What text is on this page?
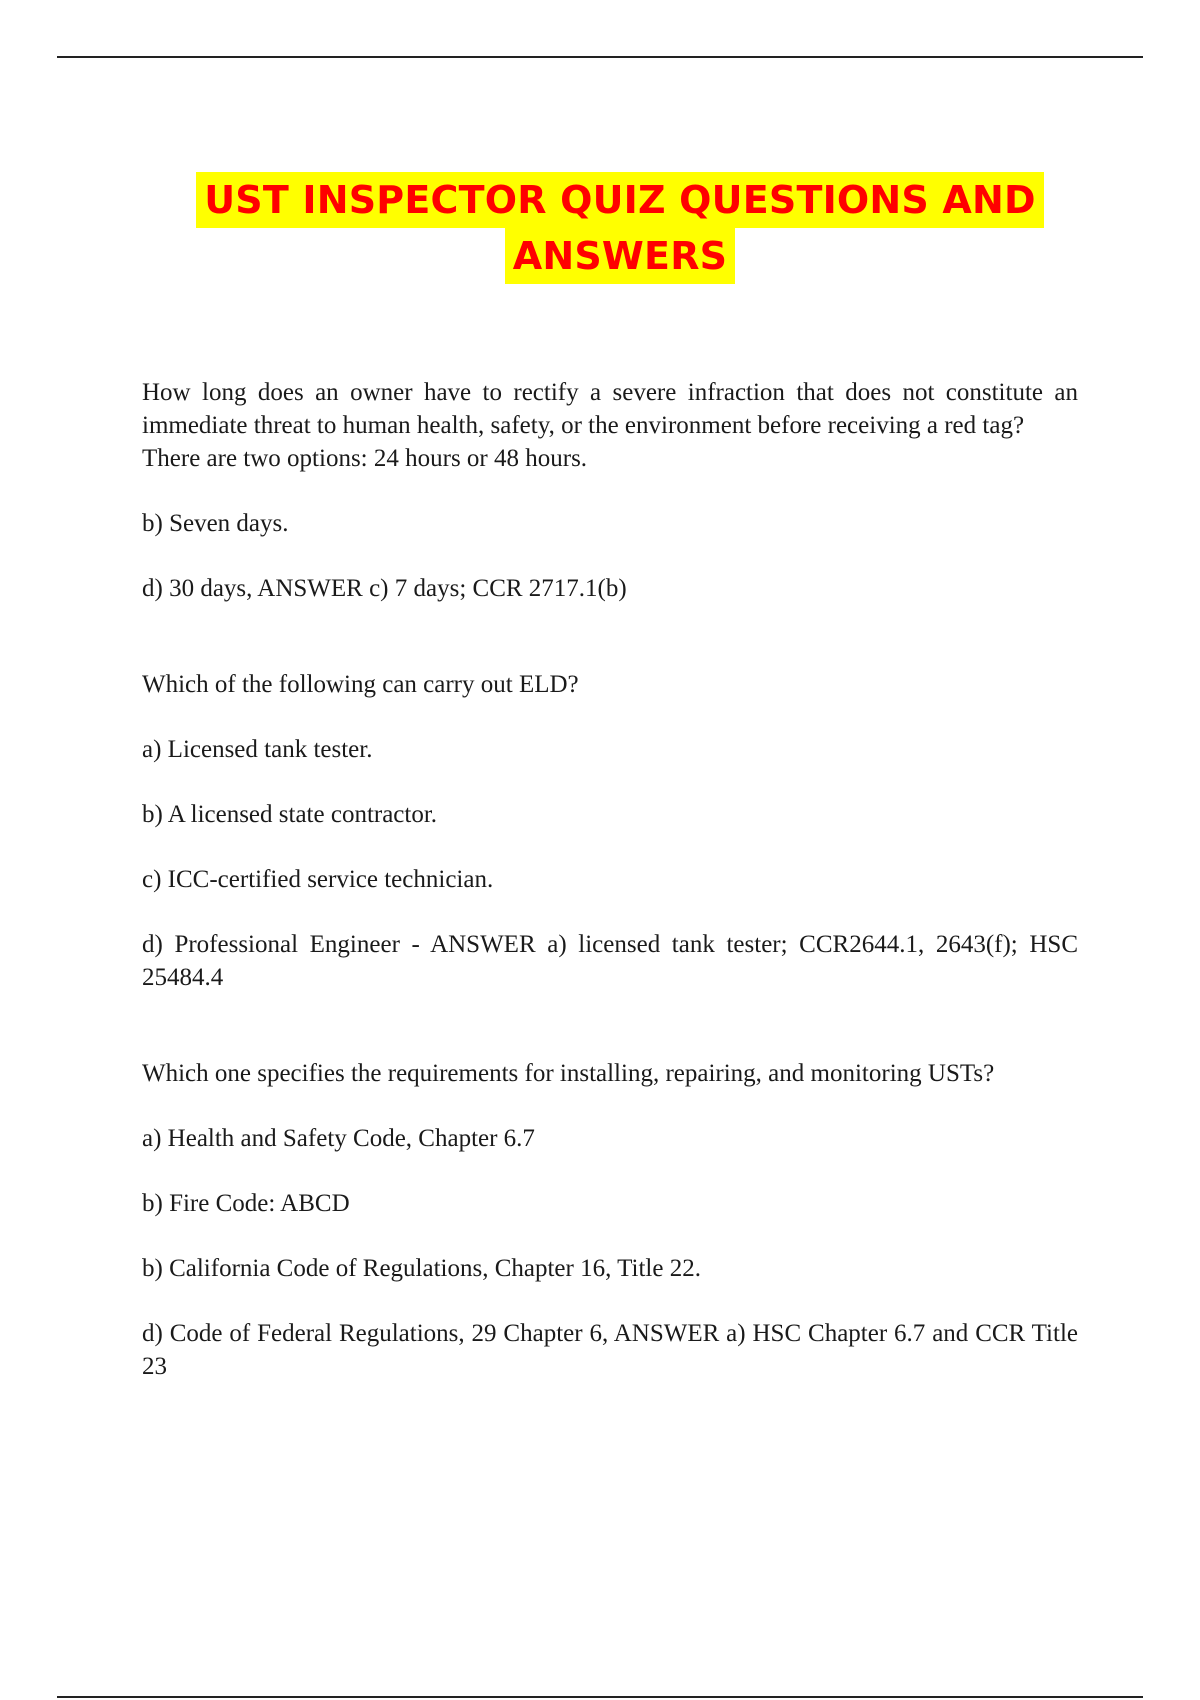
UST INSPECTOR QUIZ QUESTIONS AND
ANSWERS

How long does an owner have to rectify a severe infraction that does not constitute an immediate threat to human health, safety, or the environment before receiving a red tag?

There are two options: 24 hours or 48 hours.

b) Seven days.

d) 30 days, ANSWER c) 7 days; CCR 2717.1(b)

Which of the following can carry out ELD?

a) Licensed tank tester.

b) A licensed state contractor.

c) ICC-certified service technician.

d) Professional Engineer - ANSWER a) licensed tank tester; CCR2644.1, 2643(f); HSC 25484.4

Which one specifies the requirements for installing, repairing, and monitoring USTs?

a) Health and Safety Code, Chapter 6.7

b) Fire Code: ABCD

b) California Code of Regulations, Chapter 16, Title 22.

d) Code of Federal Regulations, 29 Chapter 6, ANSWER a) HSC Chapter 6.7 and CCR Title 23
